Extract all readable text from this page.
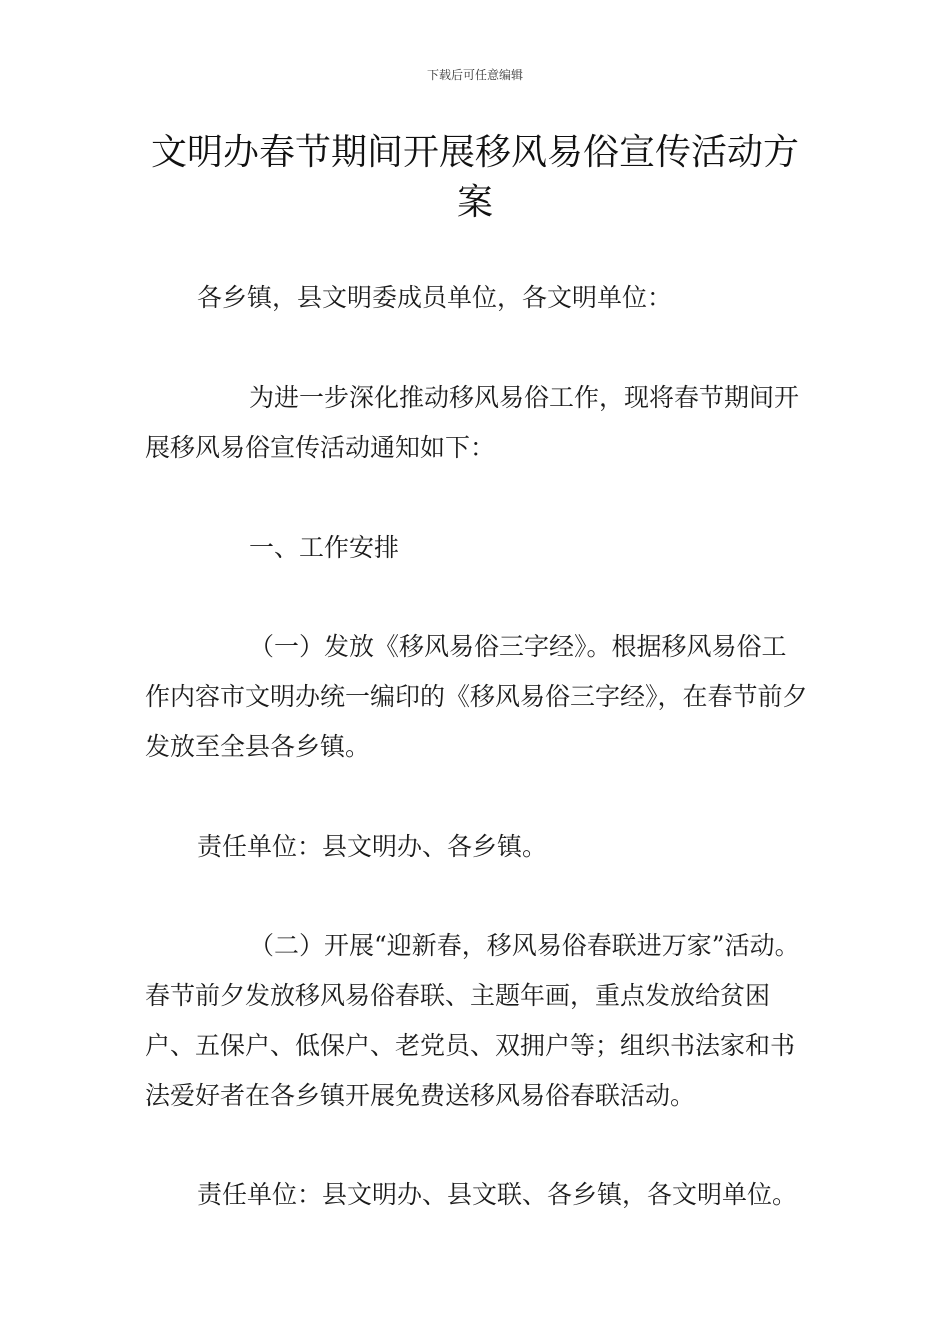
下载后可任意编辑
文明办春节期间开展移风易俗宣传活动方案
各乡镇，县文明委成员单位，各文明单位：
为进一步深化推动移风易俗工作，现将春节期间开展移风易俗宣传活动通知如下：
一、工作安排
（一）发放《移风易俗三字经》。根据移风易俗工作内容市文明办统一编印的《移风易俗三字经》，在春节前夕发放至全县各乡镇。
责任单位：县文明办、各乡镇。
（二）开展“迎新春，移风易俗春联进万家”活动。春节前夕发放移风易俗春联、主题年画，重点发放给贫困户、五保户、低保户、老党员、双拥户等；组织书法家和书法爱好者在各乡镇开展免费送移风易俗春联活动。
责任单位：县文明办、县文联、各乡镇，各文明单位。
